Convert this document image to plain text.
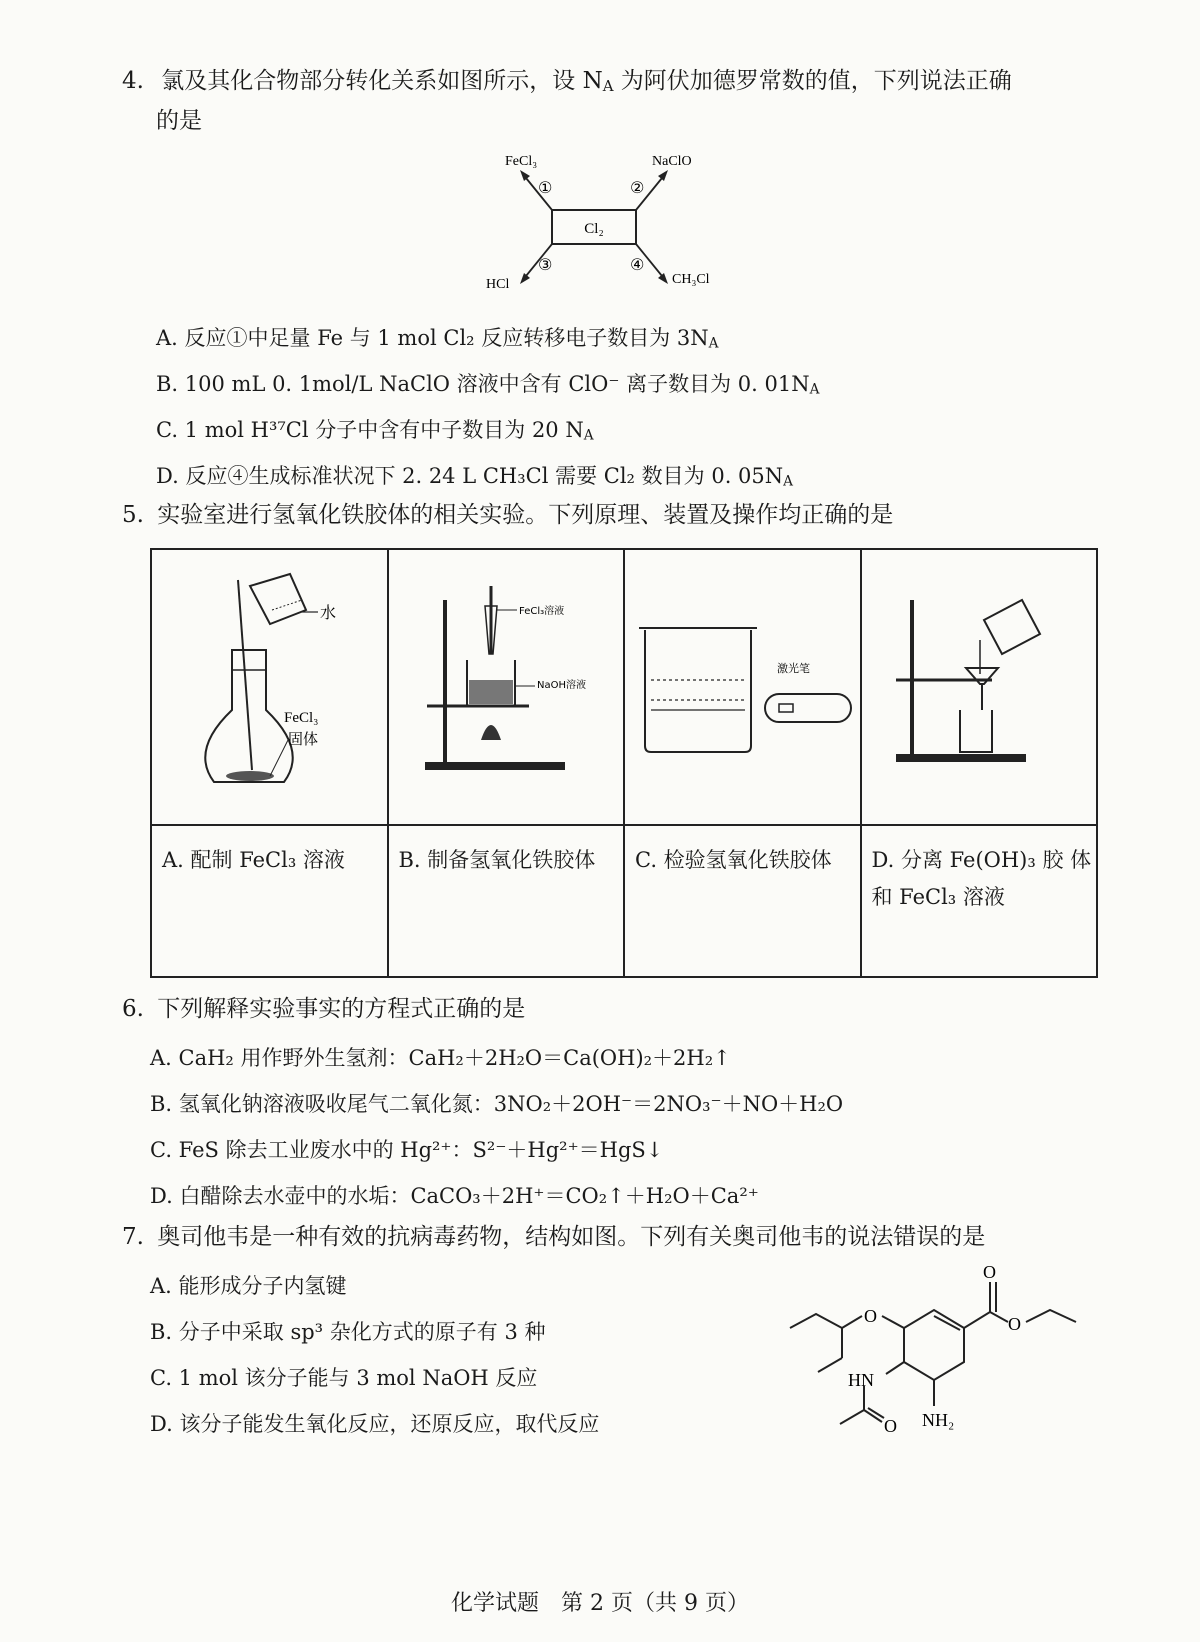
4. 氯及其化合物部分转化关系如图所示，设 $N_A$ 为阿伏加德罗常数的值，下列说法正确
的是
Cl₂
FeCl₃	NaClO
HCl	CH₃Cl
①	②
③	④
A. 反应①中足量 Fe 与 1 mol Cl₂ 反应转移电子数目为 $3N_A$
B. 100 mL 0. 1mol/L NaClO 溶液中含有 ClO⁻ 离子数目为 0. $01N_A$
C. 1 mol H³⁷Cl 分子中含有中子数目为 20 $N_A$
D. 反应④生成标准状况下 2. 24 L CH₃Cl 需要 Cl₂ 数目为 0. $05N_A$
5. 实验室进行氢氧化铁胶体的相关实验。下列原理、装置及操作均正确的是
水
FeCl₃
固体	FeCl₃溶液
NaOH溶液	激光笔

A. 配制 FeCl₃ 溶液	B. 制备氢氧化铁胶体	C. 检验氢氧化铁胶体	D. 分离 Fe(OH)₃ 胶 体 和 FeCl₃ 溶液
6. 下列解释实验事实的方程式正确的是
A. CaH₂ 用作野外生氢剂：CaH₂＋2H₂O＝Ca(OH)₂＋2H₂↑
B. 氢氧化钠溶液吸收尾气二氧化氮：3NO₂＋2OH⁻＝2NO₃⁻＋NO＋H₂O
C. FeS 除去工业废水中的 Hg²⁺：S²⁻＋Hg²⁺＝HgS↓
D. 白醋除去水壶中的水垢：CaCO₃＋2H⁺＝CO₂↑＋H₂O＋Ca²⁺
7. 奥司他韦是一种有效的抗病毒药物，结构如图。下列有关奥司他韦的说法错误的是
A. 能形成分子内氢键
B. 分子中采取 sp³ 杂化方式的原子有 3 种
C. 1 mol 该分子能与 3 mol NaOH 反应
D. 该分子能发生氧化反应，还原反应，取代反应
O
O
O
HN
O NH₂
化学试题　第 2 页（共 9 页）
